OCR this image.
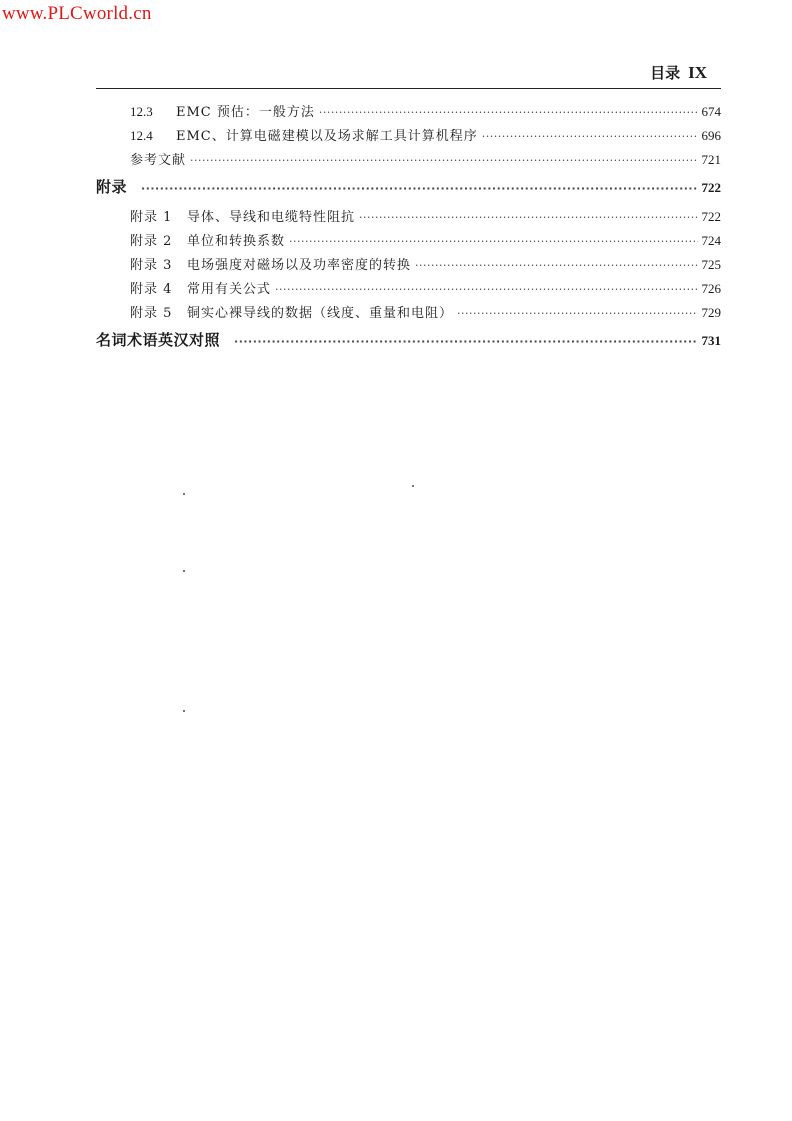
www.PLCworld.cn
目录 IX
12.3	EMC 预估：一般方法 ·····	674
12.4	EMC、计算电磁建模以及场求解工具计算机程序 ·····	696
参考文献 ·····	721
附录 ·····	722
附录 1	导体、导线和电缆特性阻抗 ·····	722
附录 2	单位和转换系数 ·····	724
附录 3	电场强度对磁场以及功率密度的转换 ·····	725
附录 4	常用有关公式 ·····	726
附录 5	铜实心裸导线的数据（线度、重量和电阻） ·····	729
名词术语英汉对照 ·····	731
